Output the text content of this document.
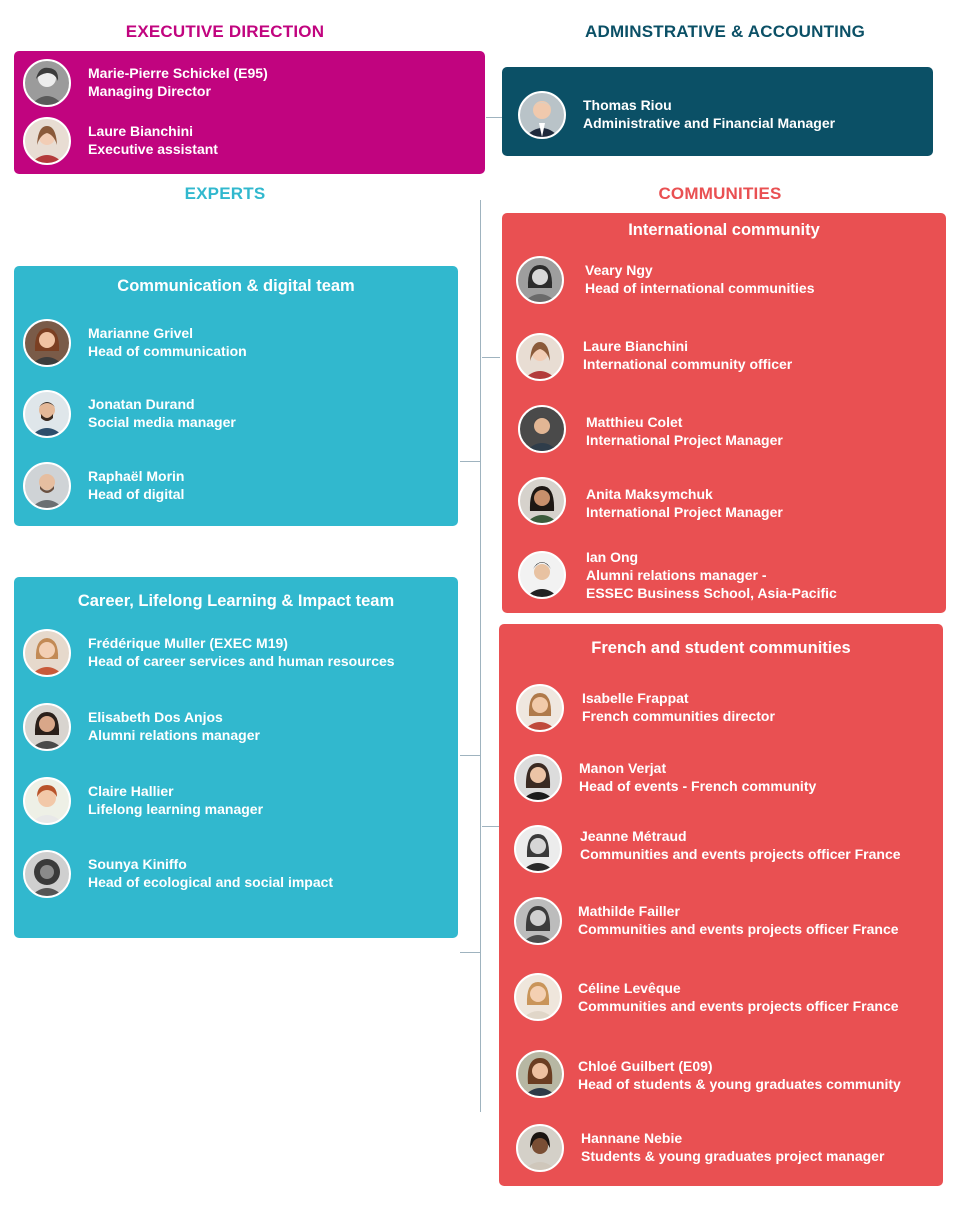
EXECUTIVE DIRECTION	ADMINSTRATIVE & ACCOUNTING
EXPERTS	COMMUNITIES
Marie-Pierre Schickel (E95)
Managing Director
Laure Bianchini
Executive assistant
Thomas Riou
Administrative and Financial Manager
Communication & digital team
Marianne Grivel
Head of communication
Jonatan Durand
Social media manager
Raphaël Morin
Head of digital
Career, Lifelong Learning & Impact team
Frédérique Muller (EXEC M19)
Head of career services and human resources
Elisabeth Dos Anjos
Alumni relations manager
Claire Hallier
Lifelong learning manager
Sounya Kiniffo
Head of ecological and social impact
International community
Veary Ngy
Head of international communities
Laure Bianchini
International community officer
Matthieu Colet
International Project Manager
Anita Maksymchuk
International Project Manager
Ian Ong
Alumni relations manager -
ESSEC Business School, Asia-Pacific
French and student communities
Isabelle Frappat
French communities director
Manon Verjat
Head of events - French community
Jeanne Métraud
Communities and events projects officer France
Mathilde Failler
Communities and events projects officer France
Céline Levêque
Communities and events projects officer France
Chloé Guilbert (E09)
Head of students & young graduates community
Hannane Nebie
Students & young graduates project manager
